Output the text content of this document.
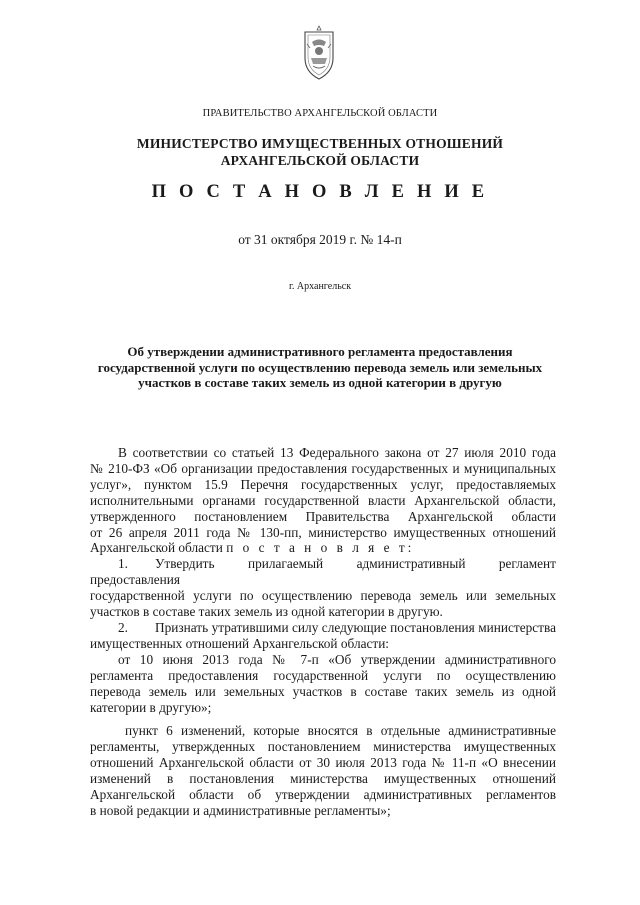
ПРАВИТЕЛЬСТВО АРХАНГЕЛЬСКОЙ ОБЛАСТИ
МИНИСТЕРСТВО ИМУЩЕСТВЕННЫХ ОТНОШЕНИЙ
АРХАНГЕЛЬСКОЙ ОБЛАСТИ
П О С Т А Н О В Л Е Н И Е
от 31 октября 2019 г. № 14-п
г. Архангельск
Об утверждении административного регламента предоставления
государственной услуги по осуществлению перевода земель или земельных
участков в составе таких земель из одной категории в другую

В соответствии со статьей 13 Федерального закона от 27 июля 2010 года

№ 210-ФЗ «Об организации предоставления государственных и муниципальных

услуг», пунктом 15.9 Перечня государственных услуг, предоставляемых

исполнительными органами государственной власти Архангельской области,

утвержденного постановлением Правительства Архангельской области

от 26 апреля 2011 года № 130-пп, министерство имущественных отношений

Архангельской области п о с т а н о в л я е т:

1. Утвердить прилагаемый административный регламент предоставления

государственной услуги по осуществлению перевода земель или земельных

участков в составе таких земель из одной категории в другую.

2. Признать утратившими силу следующие постановления министерства

имущественных отношений Архангельской области:

от 10 июня 2013 года № 7-п «Об утверждении административного

регламента предоставления государственной услуги по осуществлению

перевода земель или земельных участков в составе таких земель из одной

категории в другую»;

пункт 6 изменений, которые вносятся в отдельные административные

регламенты, утвержденных постановлением министерства имущественных

отношений Архангельской области от 30 июля 2013 года № 11-п «О внесении

изменений в постановления министерства имущественных отношений

Архангельской области об утверждении административных регламентов

в новой редакции и административные регламенты»;
